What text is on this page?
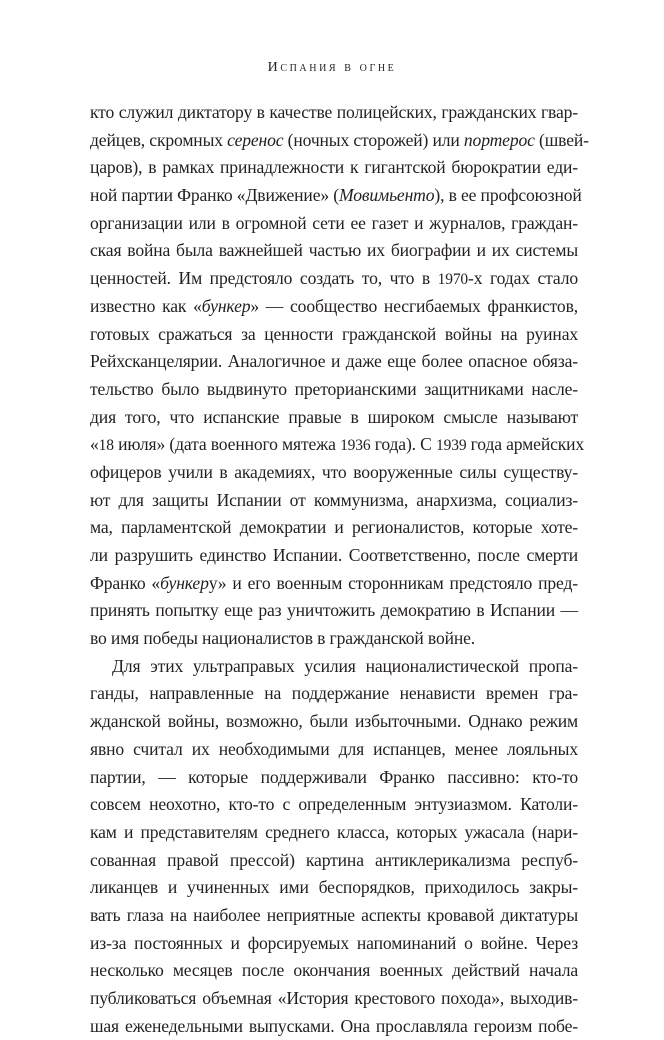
Испания в огне
кто служил диктатору в качестве полицейских, гражданских гвар-
дейцев, скромных серенос (ночных сторожей) или портерос (швей-
царов), в рамках принадлежности к гигантской бюрократии еди-
ной партии Франко «Движение» (Мовимьенто), в ее профсоюзной
организации или в огромной сети ее газет и журналов, граждан-
ская война была важнейшей частью их биографии и их системы
ценностей. Им предстояло создать то, что в 1970-х годах стало
известно как «бункер» — сообщество несгибаемых франкистов,
готовых сражаться за ценности гражданской войны на руинах
Рейхсканцелярии. Аналогичное и даже еще более опасное обяза-
тельство было выдвинуто преторианскими защитниками насле-
дия того, что испанские правые в широком смысле называют
«18 июля» (дата военного мятежа 1936 года). С 1939 года армейских
офицеров учили в академиях, что вооруженные силы существу-
ют для защиты Испании от коммунизма, анархизма, социализ-
ма, парламентской демократии и регионалистов, которые хоте-
ли разрушить единство Испании. Соответственно, после смерти
Франко «бункеру» и его военным сторонникам предстояло пред-
принять попытку еще раз уничтожить демократию в Испании —
во имя победы националистов в гражданской войне.
Для этих ультраправых усилия националистической пропа-
ганды, направленные на поддержание ненависти времен гра-
жданской войны, возможно, были избыточными. Однако режим
явно считал их необходимыми для испанцев, менее лояльных
партии, — которые поддерживали Франко пассивно: кто-то
совсем неохотно, кто-то с определенным энтузиазмом. Католи-
кам и представителям среднего класса, которых ужасала (нари-
сованная правой прессой) картина антиклерикализма респуб-
ликанцев и учиненных ими беспорядков, приходилось закры-
вать глаза на наиболее неприятные аспекты кровавой диктатуры
из-за постоянных и форсируемых напоминаний о войне. Через
несколько месяцев после окончания военных действий начала
публиковаться объемная «История крестового похода», выходив-
шая еженедельными выпусками. Она прославляла героизм побе-
